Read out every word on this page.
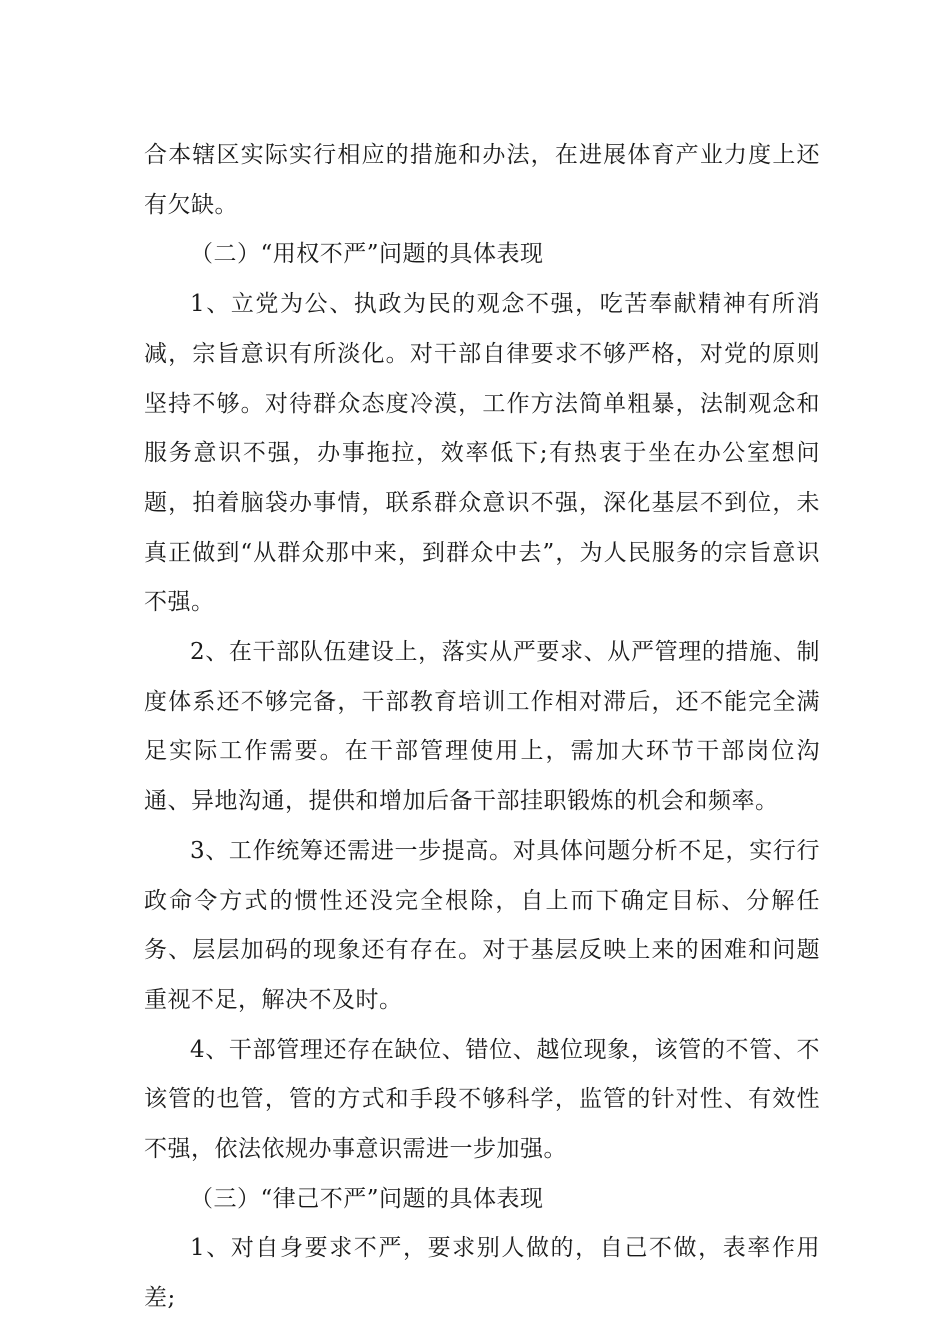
合本辖区实际实行相应的措施和办法，在进展体育产业力度上还有欠缺。

（二）“用权不严”问题的具体表现

1、立党为公、执政为民的观念不强，吃苦奉献精神有所消减，宗旨意识有所淡化。对干部自律要求不够严格，对党的原则坚持不够。对待群众态度冷漠，工作方法简单粗暴，法制观念和服务意识不强，办事拖拉，效率低下;有热衷于坐在办公室想问题，拍着脑袋办事情，联系群众意识不强，深化基层不到位，未真正做到“从群众那中来，到群众中去”，为人民服务的宗旨意识不强。

2、在干部队伍建设上，落实从严要求、从严管理的措施、制度体系还不够完备，干部教育培训工作相对滞后，还不能完全满足实际工作需要。在干部管理使用上，需加大环节干部岗位沟通、异地沟通，提供和增加后备干部挂职锻炼的机会和频率。

3、工作统筹还需进一步提高。对具体问题分析不足，实行行政命令方式的惯性还没完全根除，自上而下确定目标、分解任务、层层加码的现象还有存在。对于基层反映上来的困难和问题重视不足，解决不及时。

4、干部管理还存在缺位、错位、越位现象，该管的不管、不该管的也管，管的方式和手段不够科学，监管的针对性、有效性不强，依法依规办事意识需进一步加强。

（三）“律己不严”问题的具体表现

1、对自身要求不严，要求别人做的，自己不做，表率作用差;
